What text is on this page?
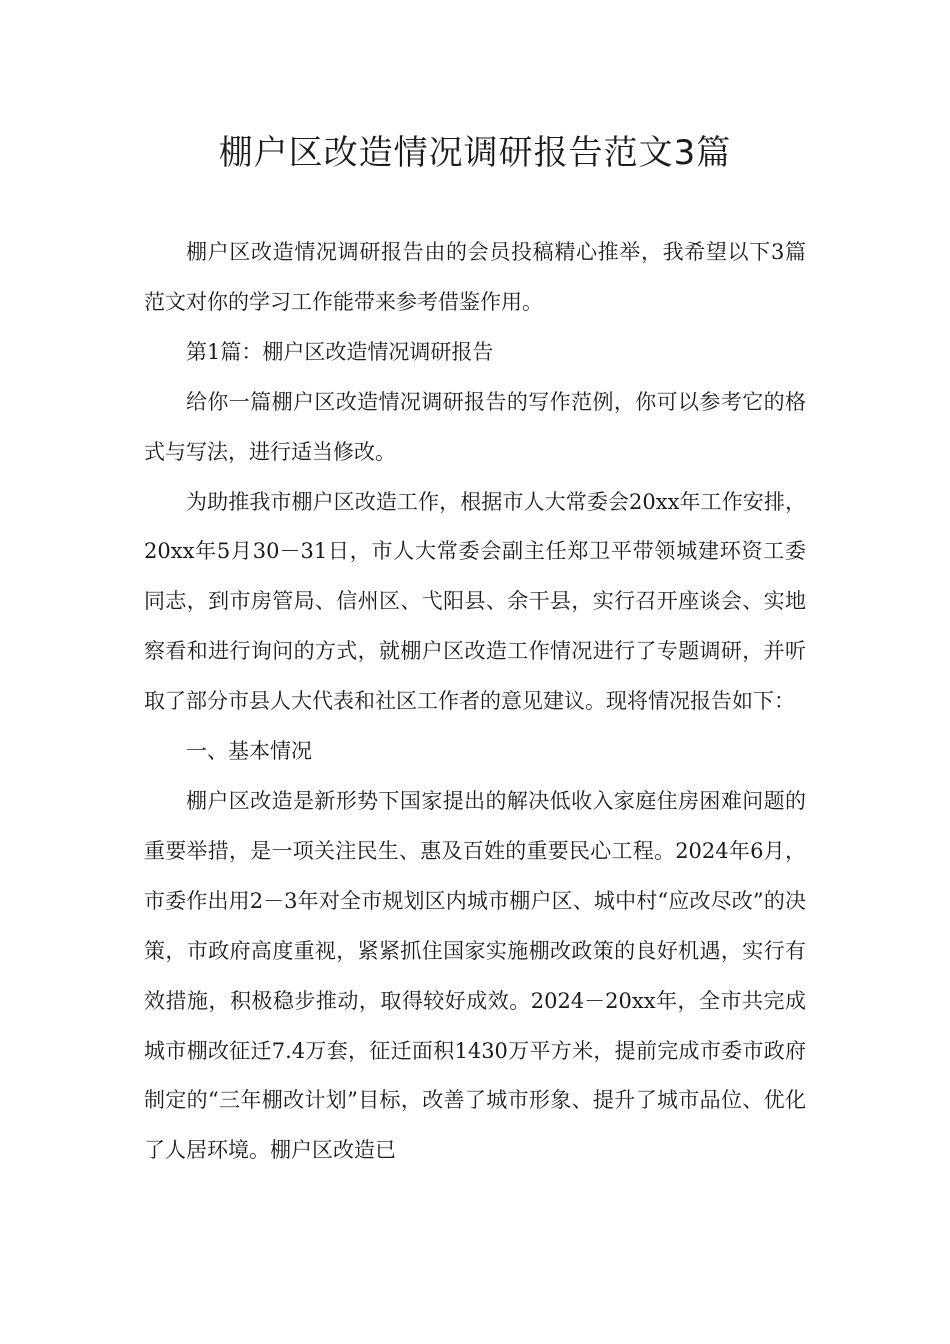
棚户区改造情况调研报告范文3篇

棚户区改造情况调研报告由的会员投稿精心推举，我希望以下3篇范文对你的学习工作能带来参考借鉴作用。

第1篇：棚户区改造情况调研报告

给你一篇棚户区改造情况调研报告的写作范例，你可以参考它的格式与写法，进行适当修改。

为助推我市棚户区改造工作，根据市人大常委会20xx年工作安排，20xx年5月30－31日，市人大常委会副主任郑卫平带领城建环资工委同志，到市房管局、信州区、弋阳县、余干县，实行召开座谈会、实地察看和进行询问的方式，就棚户区改造工作情况进行了专题调研，并听取了部分市县人大代表和社区工作者的意见建议。现将情况报告如下：

一、基本情况

棚户区改造是新形势下国家提出的解决低收入家庭住房困难问题的重要举措，是一项关注民生、惠及百姓的重要民心工程。2024年6月，市委作出用2－3年对全市规划区内城市棚户区、城中村“应改尽改”的决策，市政府高度重视，紧紧抓住国家实施棚改政策的良好机遇，实行有效措施，积极稳步推动，取得较好成效。2024－20xx年，全市共完成城市棚改征迁7.4万套，征迁面积1430万平方米，提前完成市委市政府制定的“三年棚改计划”目标，改善了城市形象、提升了城市品位、优化了人居环境。棚户区改造已
